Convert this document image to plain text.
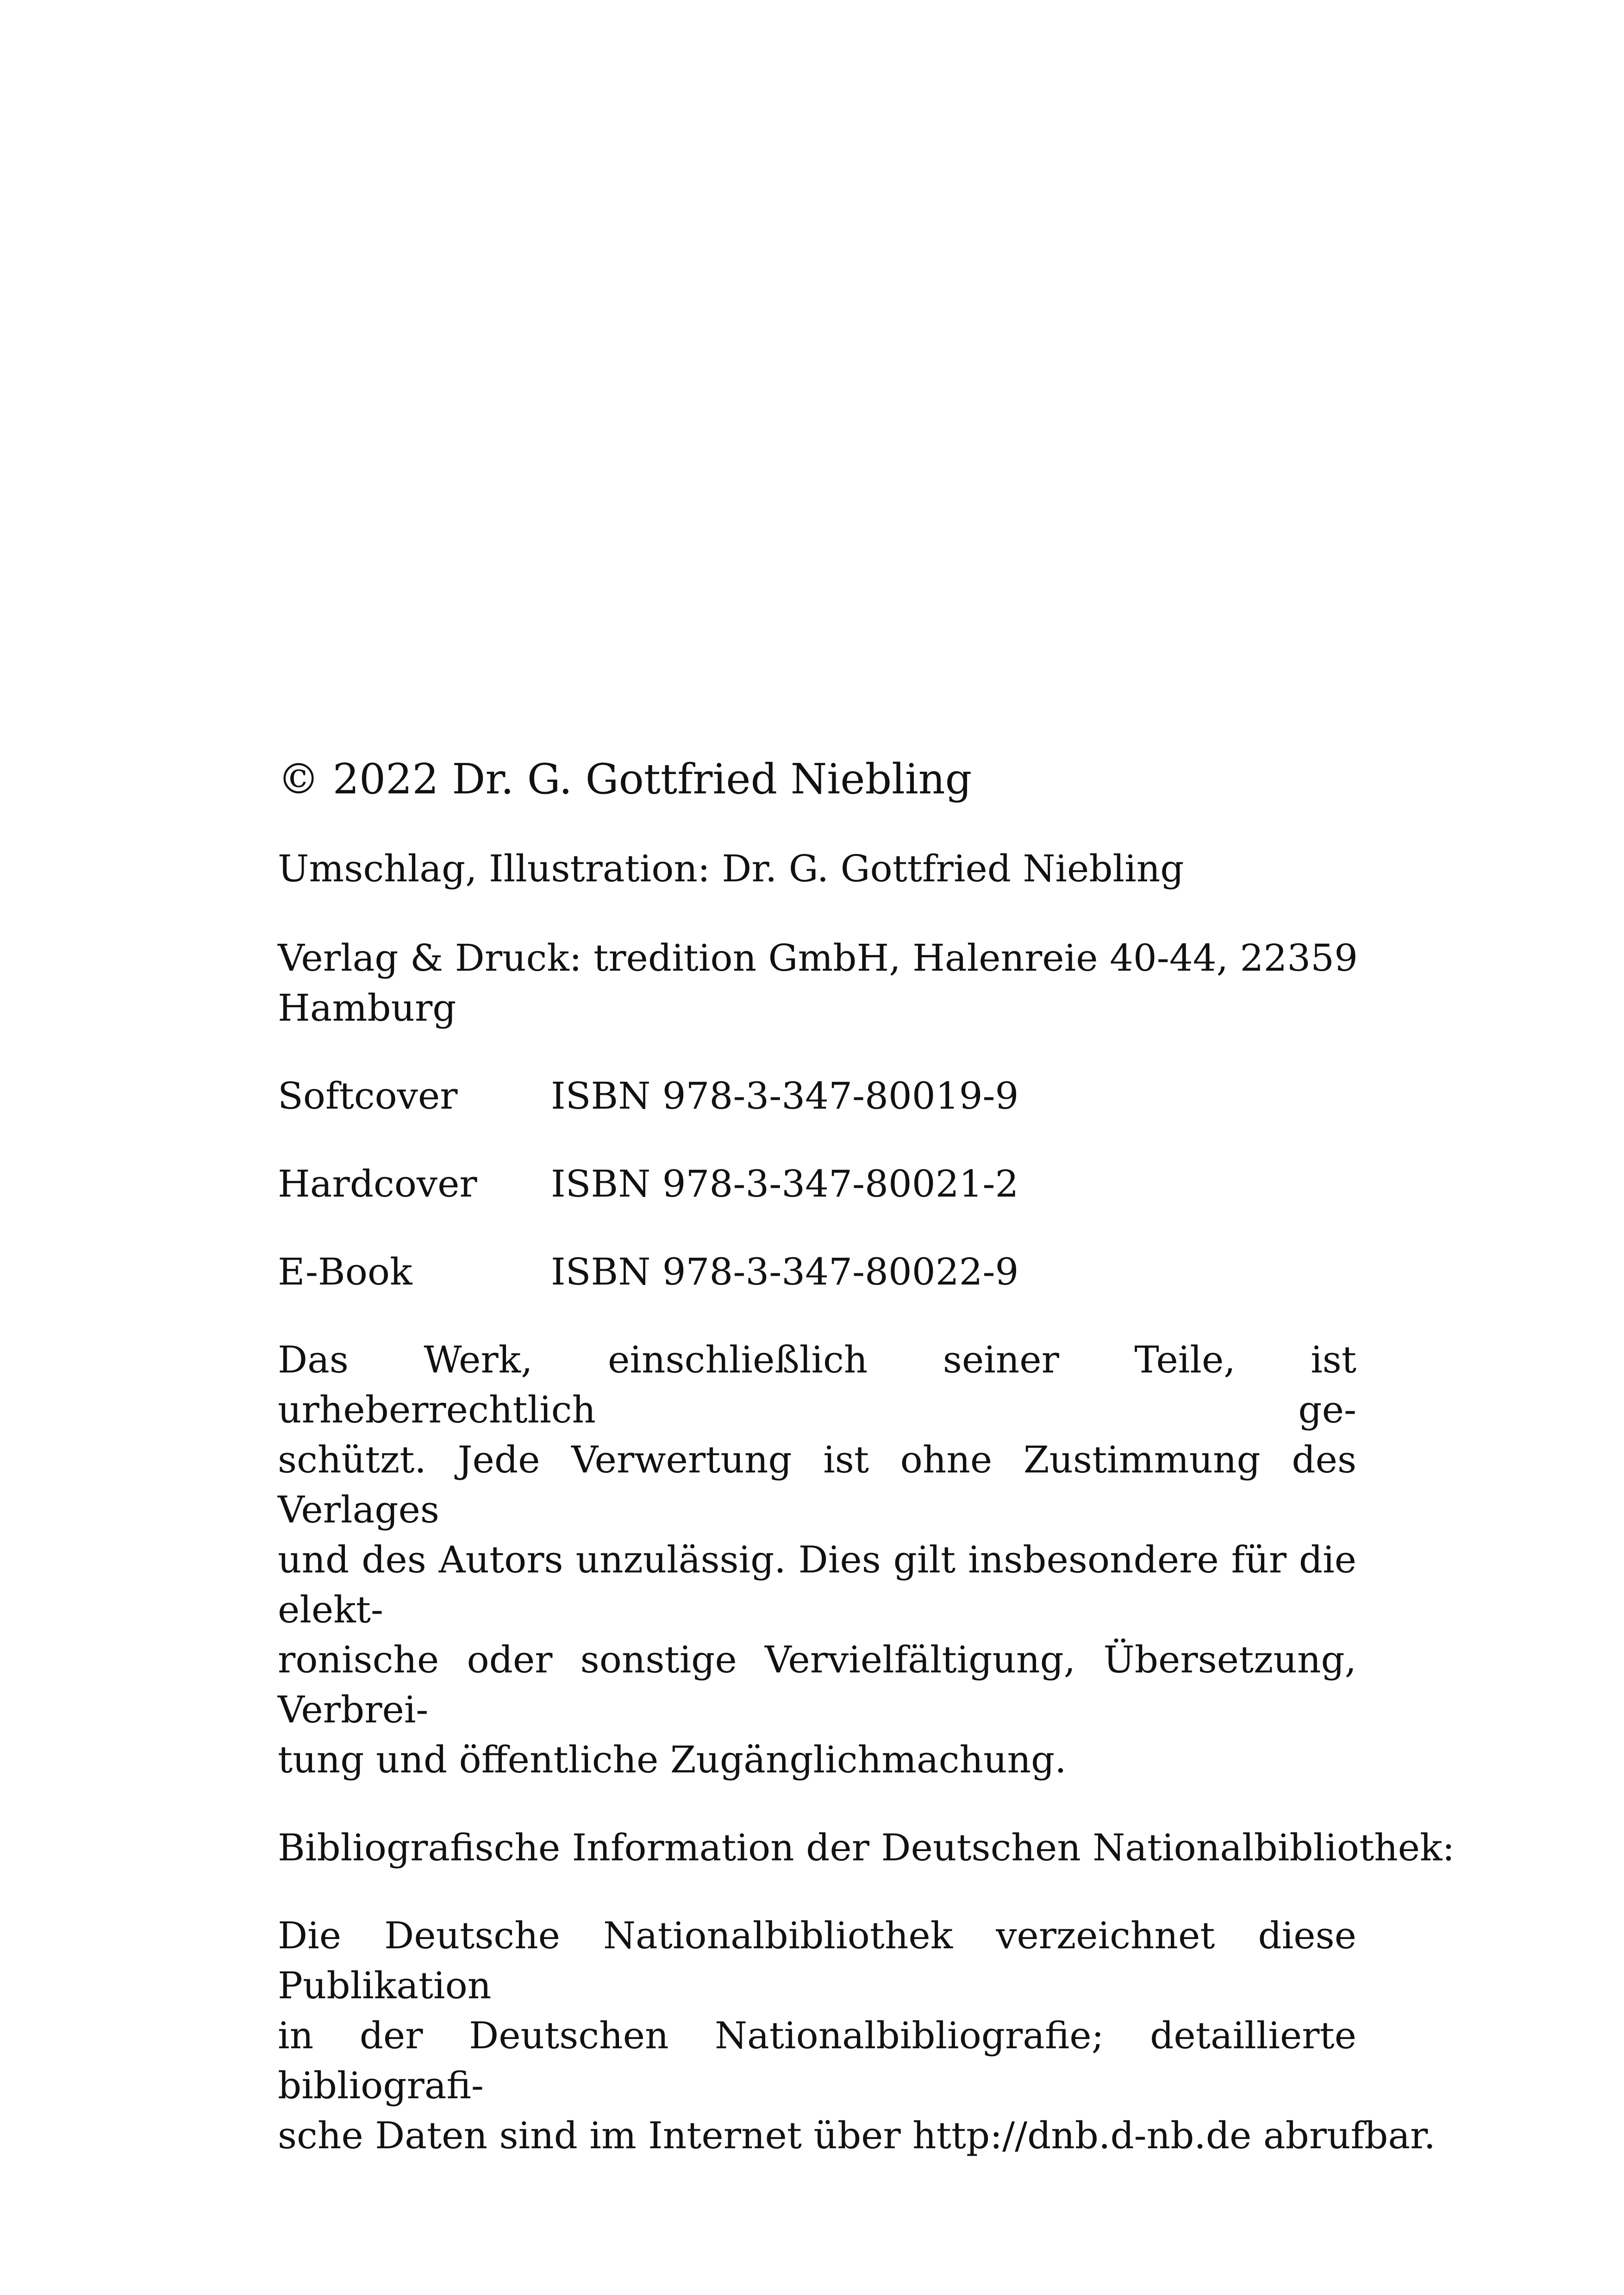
© 2022 Dr. G. Gottfried Niebling

Umschlag, Illustration: Dr. G. Gottfried Niebling

Verlag & Druck: tredition GmbH, Halenreie 40-44, 22359

Hamburg

Softcover	ISBN 978-3-347-80019-9
Hardcover	ISBN 978-3-347-80021-2
E-Book	ISBN 978-3-347-80022-9

Das Werk, einschließlich seiner Teile, ist urheberrechtlich ge-

schützt. Jede Verwertung ist ohne Zustimmung des Verlages

und des Autors unzulässig. Dies gilt insbesondere für die elekt-

ronische oder sonstige Vervielfältigung, Übersetzung, Verbrei-

tung und öffentliche Zugänglichmachung.

Bibliografische Information der Deutschen Nationalbibliothek:

Die Deutsche Nationalbibliothek verzeichnet diese Publikation

in der Deutschen Nationalbibliografie; detaillierte bibliografi-

sche Daten sind im Internet über http://dnb.d-nb.de abrufbar.
